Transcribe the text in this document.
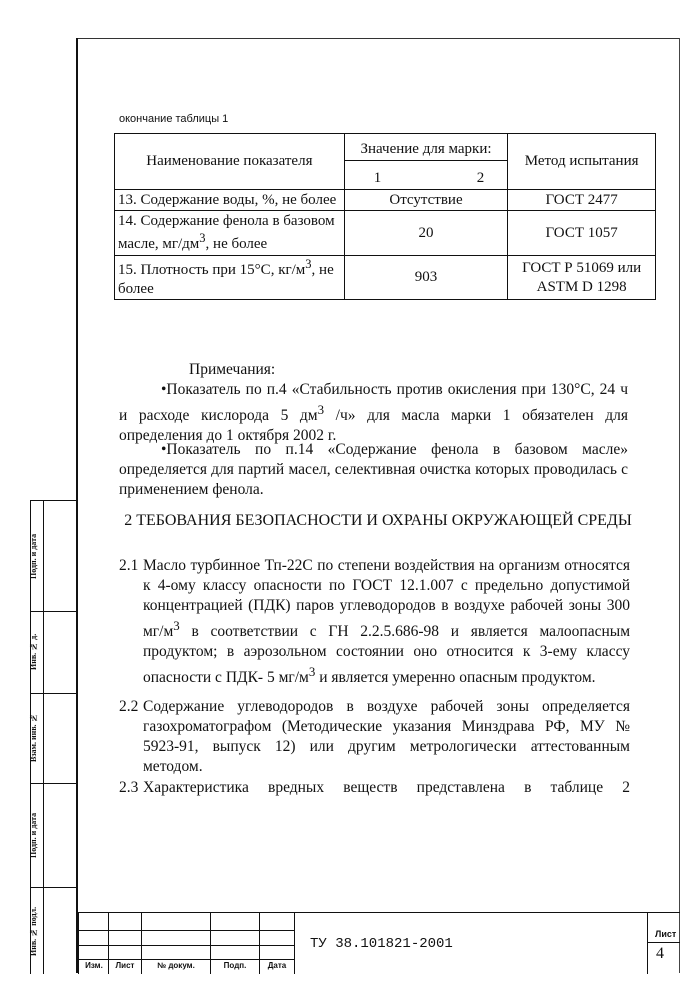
окончание таблицы 1
Наименование показателя	Значение для марки:	Метод испытания

	1 2	

13. Содержание воды, %, не более	Отсутствие	ГОСТ 2477
14. Содержание фенола в базовом масле, $мг/дм^3$, не более	20	ГОСТ 1057
15. Плотность при 15°С, $кг/м^3$, не более	903	ГОСТ Р 51069 или ASTM D 1298
Примечания:
•Показатель по п.4 «Стабильность против окисления при 130°С, 24 ч и расходе кислорода 5 $дм^3$ /ч» для масла марки 1 обязателен для определения до 1 октября 2002 г.
•Показатель по п.14 «Содержание фенола в базовом масле» определяется для партий масел, селективная очистка которых проводилась с применением фенола.
2 ТЕБОВАНИЯ БЕЗОПАСНОСТИ И ОХРАНЫ ОКРУЖАЮЩЕЙ СРЕДЫ
2.1 Масло турбинное Тп-22С по степени воздействия на организм относятся к 4-ому классу опасности по ГОСТ 12.1.007 с предельно допустимой концентрацией (ПДК) паров углеводородов в воздухе рабочей зоны 300 $мг/м^3$ в соответствии с ГН 2.2.5.686-98 и является малоопасным продуктом; в аэрозольном состоянии оно относится к 3-ему классу опасности с ПДК- 5 $мг/м^3$ и является умеренно опасным продуктом.
2.2 Содержание углеводородов в воздухе рабочей зоны определяется газохроматографом (Методические указания Минздрава РФ, МУ № 5923-91, выпуск 12) или другим метрологически аттестованным методом.
2.3 Характеристика вредных веществ представлена в таблице 2
Подп. и дата
Инв. № д.
Взам. инв. №
Подп. и дата
Инв. № подл.
Изм.	Лист	№ докум.	Подп.	Дата
ТУ 38.101821-2001
Лист
4
